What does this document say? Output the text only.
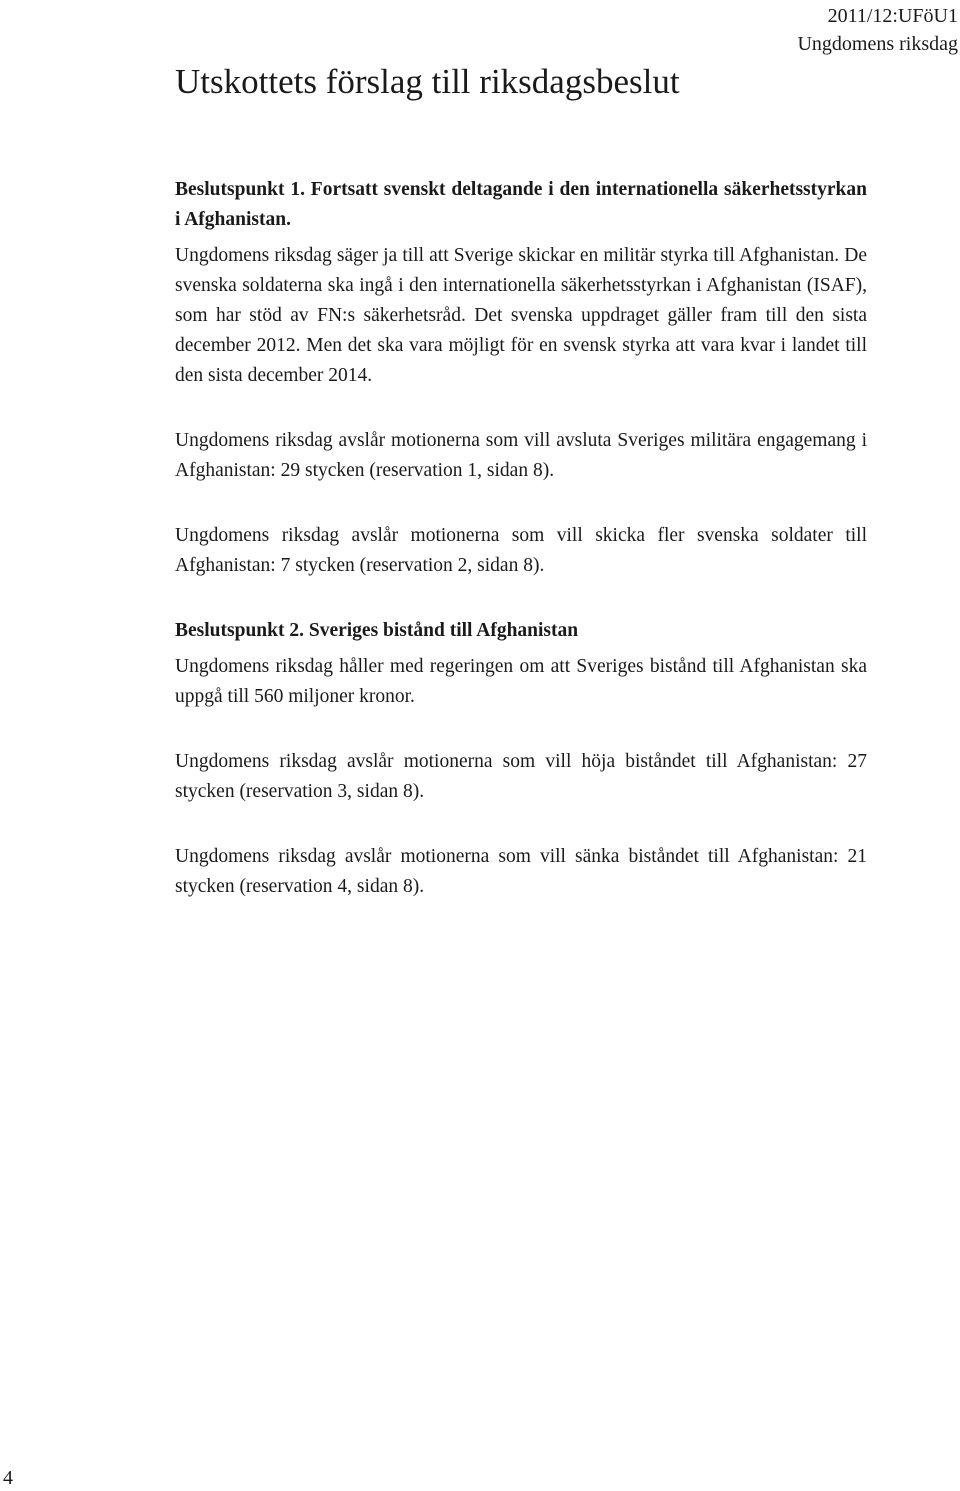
2011/12:UFöU1
Ungdomens riksdag
Utskottets förslag till riksdagsbeslut

Beslutspunkt 1. Fortsatt svenskt deltagande i den internationella säkerhetsstyrkan i Afghanistan.

Ungdomens riksdag säger ja till att Sverige skickar en militär styrka till Afghanistan. De svenska soldaterna ska ingå i den internationella säkerhetsstyrkan i Afghanistan (ISAF), som har stöd av FN:s säkerhetsråd. Det svenska uppdraget gäller fram till den sista december 2012. Men det ska vara möjligt för en svensk styrka att vara kvar i landet till den sista december 2014.

Ungdomens riksdag avslår motionerna som vill avsluta Sveriges militära engagemang i Afghanistan: 29 stycken (reservation 1, sidan 8).

Ungdomens riksdag avslår motionerna som vill skicka fler svenska soldater till Afghanistan: 7 stycken (reservation 2, sidan 8).

Beslutspunkt 2. Sveriges bistånd till Afghanistan

Ungdomens riksdag håller med regeringen om att Sveriges bistånd till Afghanistan ska uppgå till 560 miljoner kronor.

Ungdomens riksdag avslår motionerna som vill höja biståndet till Afghanistan: 27 stycken (reservation 3, sidan 8).

Ungdomens riksdag avslår motionerna som vill sänka biståndet till Afghanistan: 21 stycken (reservation 4, sidan 8).

4
